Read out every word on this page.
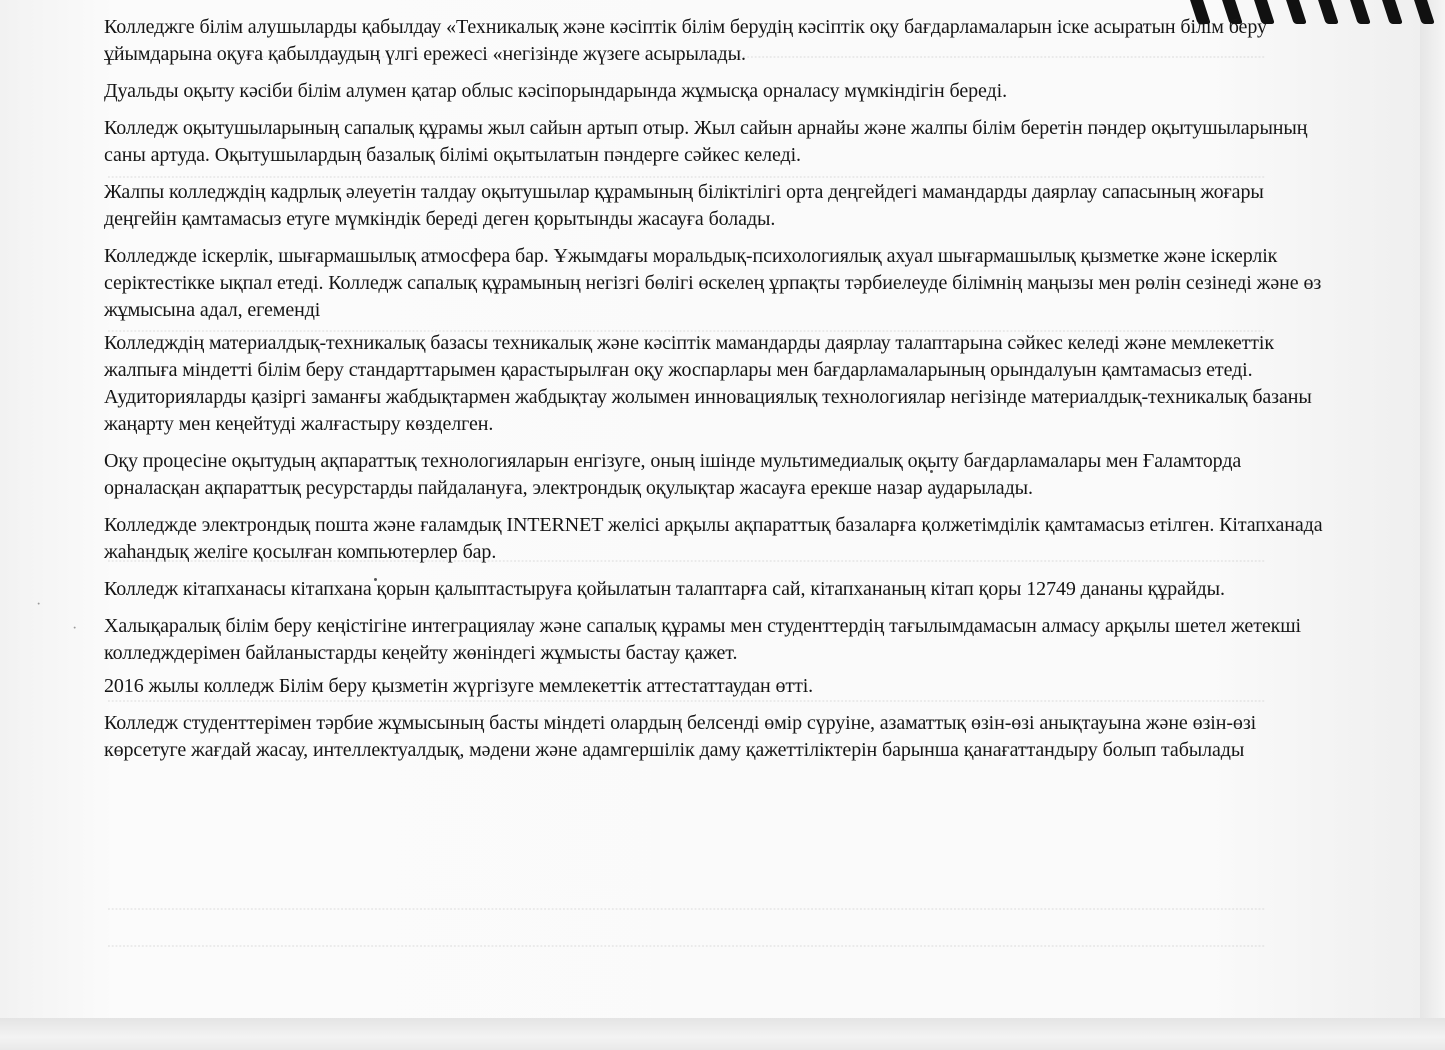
·
·

Колледжге білім алушыларды қабылдау «Техникалық және кәсіптік білім берудің кәсіптік оқу бағдарламаларын іске асыратын білім беру ұйымдарына оқуға қабылдаудың үлгі ережесі «негізінде жүзеге асырылады.

Дуальды оқыту кәсіби білім алумен қатар облыс кәсіпорындарында жұмысқа орналасу мүмкіндігін береді.

Колледж оқытушыларының сапалық құрамы жыл сайын артып отыр. Жыл сайын арнайы және жалпы білім беретін пәндер оқытушыларының саны артуда. Оқытушылардың базалық білімі оқытылатын пәндерге сәйкес келеді.

Жалпы колледждің кадрлық әлеуетін талдау оқытушылар құрамының біліктілігі орта деңгейдегі мамандарды даярлау сапасының жоғары деңгейін қамтамасыз етуге мүмкіндік береді деген қорытынды жасауға болады.

Колледжде іскерлік, шығармашылық атмосфера бар. Ұжымдағы моральдық-психологиялық ахуал шығармашылық қызметке және іскерлік серіктестікке ықпал етеді. Колледж сапалық құрамының негізгі бөлігі өскелең ұрпақты тәрбиелеуде білімнің маңызы мен рөлін сезінеді және өз жұмысына адал, егеменді

Колледждің материалдық-техникалық базасы техникалық және кәсіптік мамандарды даярлау талаптарына сәйкес келеді және мемлекеттік жалпыға міндетті білім беру стандарттарымен қарастырылған оқу жоспарлары мен бағдарламаларының орындалуын қамтамасыз етеді. Аудиторияларды қазіргі заманғы жабдықтармен жабдықтау жолымен инновациялық технологиялар негізінде материалдық-техникалық базаны жаңарту мен кеңейтуді жалғастыру көзделген.

Оқу процесіне оқытудың ақпараттық технологияларын енгізуге, оның ішінде мультимедиалық оқыту бағдарламалары мен Ғаламторда орналасқан ақпараттық ресурстарды пайдалануға, электрондық оқулықтар жасауға ерекше назар аударылады.

Колледжде электрондық пошта және ғаламдық INTERNET желісі арқылы ақпараттық базаларға қолжетімділік қамтамасыз етілген. Кітапханада жаһандық желіге қосылған компьютерлер бар.

Колледж кітапханасы кітапхана қорын қалыптастыруға қойылатын талаптарға сай, кітапхананың кітап қоры 12749 дананы құрайды.

Халықаралық білім беру кеңістігіне интеграциялау және сапалық құрамы мен студенттердің тағылымдамасын алмасу арқылы шетел жетекші колледждерімен байланыстарды кеңейту жөніндегі жұмысты бастау қажет.

2016 жылы колледж Білім беру қызметін жүргізуге мемлекеттік аттестаттаудан өтті.

Колледж студенттерімен тәрбие жұмысының басты міндеті олардың белсенді өмір сүруіне, азаматтық өзін-өзі анықтауына және өзін-өзі көрсетуге жағдай жасау, интеллектуалдық, мәдени және адамгершілік даму қажеттіліктерін барынша қанағаттандыру болып табылады
